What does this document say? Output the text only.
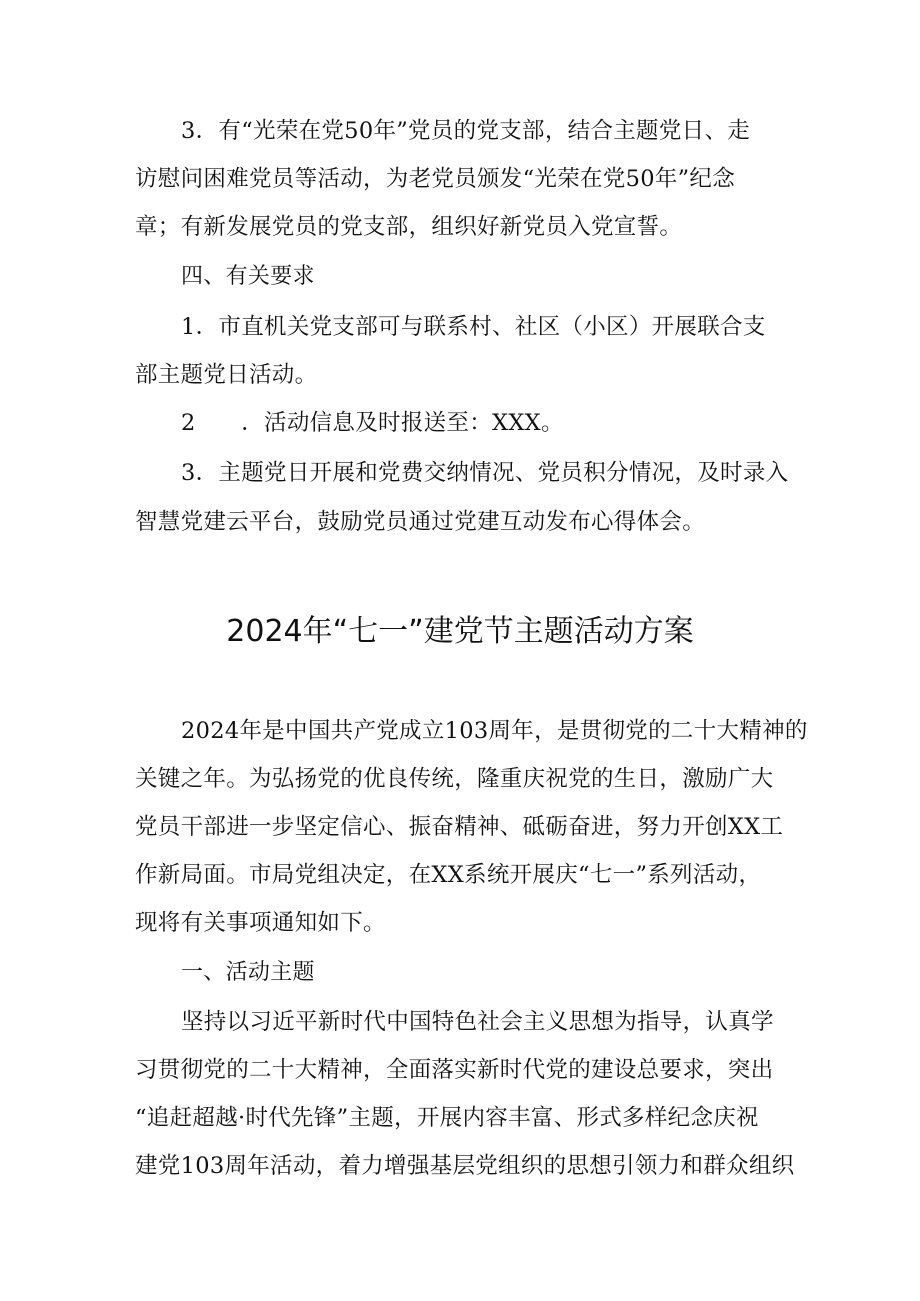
3．有“光荣在党50年”党员的党支部，结合主题党日、走
访慰问困难党员等活动，为老党员颁发“光荣在党50年”纪念
章；有新发展党员的党支部，组织好新党员入党宣誓。
四、有关要求
1．市直机关党支部可与联系村、社区（小区）开展联合支
部主题党日活动。
2　　．活动信息及时报送至：XXX。
3．主题党日开展和党费交纳情况、党员积分情况，及时录入
智慧党建云平台，鼓励党员通过党建互动发布心得体会。
2024年“七一”建党节主题活动方案
2024年是中国共产党成立103周年，是贯彻党的二十大精神的
关键之年。为弘扬党的优良传统，隆重庆祝党的生日，激励广大
党员干部进一步坚定信心、振奋精神、砥砺奋进，努力开创XX工
作新局面。市局党组决定，在XX系统开展庆“七一”系列活动，
现将有关事项通知如下。
一、活动主题
坚持以习近平新时代中国特色社会主义思想为指导，认真学
习贯彻党的二十大精神，全面落实新时代党的建设总要求，突出
“追赶超越·时代先锋”主题，开展内容丰富、形式多样纪念庆祝
建党103周年活动，着力增强基层党组织的思想引领力和群众组织
